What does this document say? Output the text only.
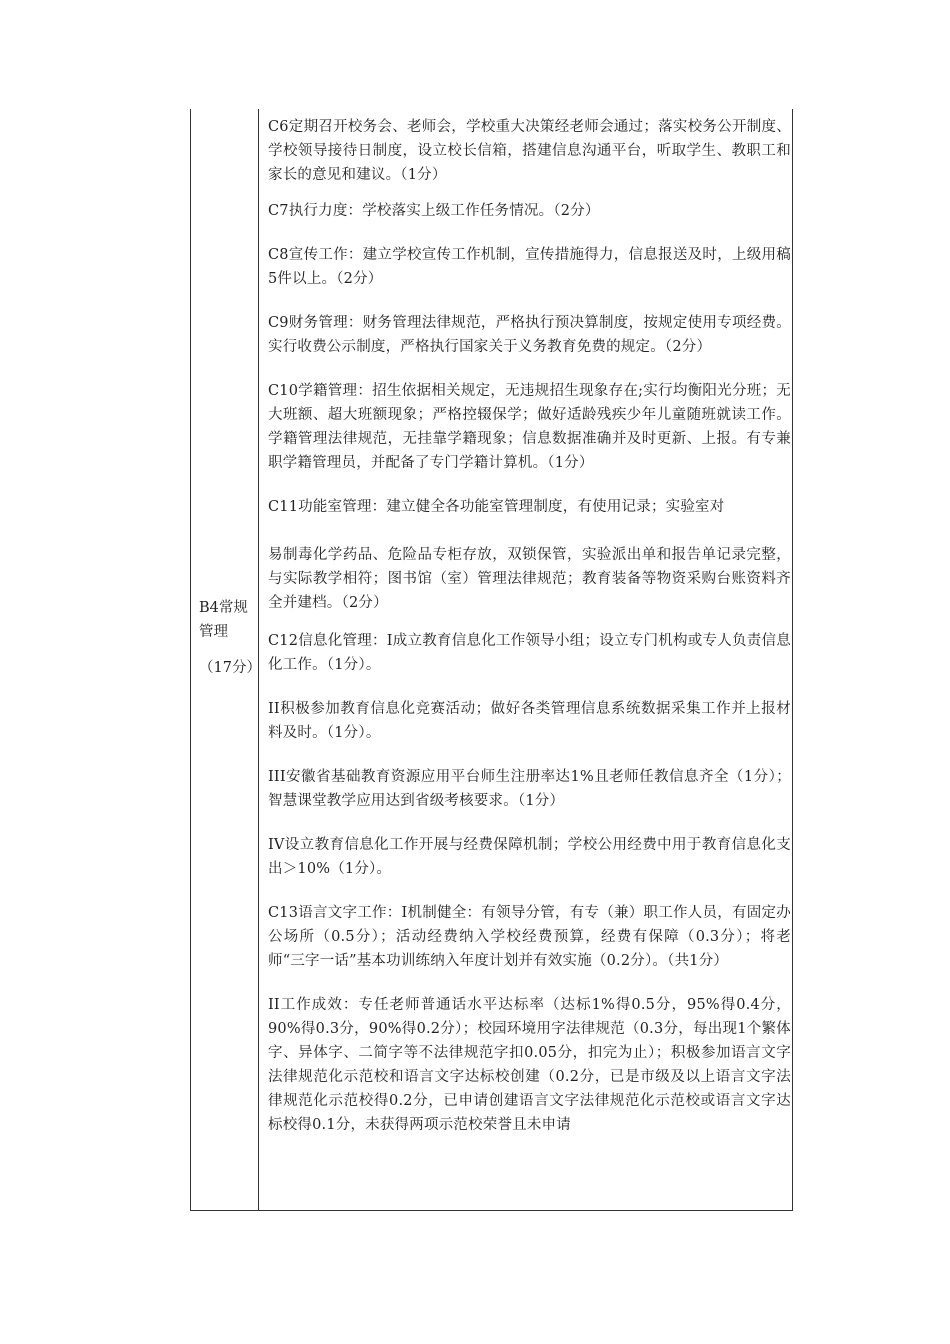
B4常规管理

（17分）

C6定期召开校务会、老师会，学校重大决策经老师会通过；落实校务公开制度、学校领导接待日制度，设立校长信箱，搭建信息沟通平台，听取学生、教职工和家长的意见和建议。（1分）

C7执行力度：学校落实上级工作任务情况。（2分）

C8宣传工作：建立学校宣传工作机制，宣传措施得力，信息报送及时，上级用稿5件以上。（2分）

C9财务管理：财务管理法律规范，严格执行预决算制度，按规定使用专项经费。实行收费公示制度，严格执行国家关于义务教育免费的规定。（2分）

C10学籍管理：招生依据相关规定，无违规招生现象存在;实行均衡阳光分班；无大班额、超大班额现象；严格控辍保学；做好适龄残疾少年儿童随班就读工作。学籍管理法律规范，无挂靠学籍现象；信息数据准确并及时更新、上报。有专兼职学籍管理员，并配备了专门学籍计算机。（1分）

C11功能室管理：建立健全各功能室管理制度，有使用记录；实验室对

易制毒化学药品、危险品专柜存放，双锁保管，实验派出单和报告单记录完整，与实际教学相符；图书馆（室）管理法律规范；教育装备等物资采购台账资料齐全并建档。（2分）

C12信息化管理：I成立教育信息化工作领导小组；设立专门机构或专人负责信息化工作。（1分）。

II积极参加教育信息化竞赛活动；做好各类管理信息系统数据采集工作并上报材料及时。（1分）。

III安徽省基础教育资源应用平台师生注册率达1%且老师任教信息齐全（1分）；智慧课堂教学应用达到省级考核要求。（1分）

IV设立教育信息化工作开展与经费保障机制；学校公用经费中用于教育信息化支出＞10%（1分）。

C13语言文字工作：I机制健全：有领导分管，有专（兼）职工作人员，有固定办公场所（0.5分）；活动经费纳入学校经费预算，经费有保障（0.3分）；将老师“三字一话”基本功训练纳入年度计划并有效实施（0.2分）。（共1分）

II工作成效：专任老师普通话水平达标率（达标1%得0.5分，95%得0.4分，90%得0.3分，90%得0.2分）；校园环境用字法律规范（0.3分，每出现1个繁体字、异体字、二简字等不法律规范字扣0.05分，扣完为止）；积极参加语言文字法律规范化示范校和语言文字达标校创建（0.2分，已是市级及以上语言文字法律规范化示范校得0.2分，已申请创建语言文字法律规范化示范校或语言文字达标校得0.1分，未获得两项示范校荣誉且未申请
